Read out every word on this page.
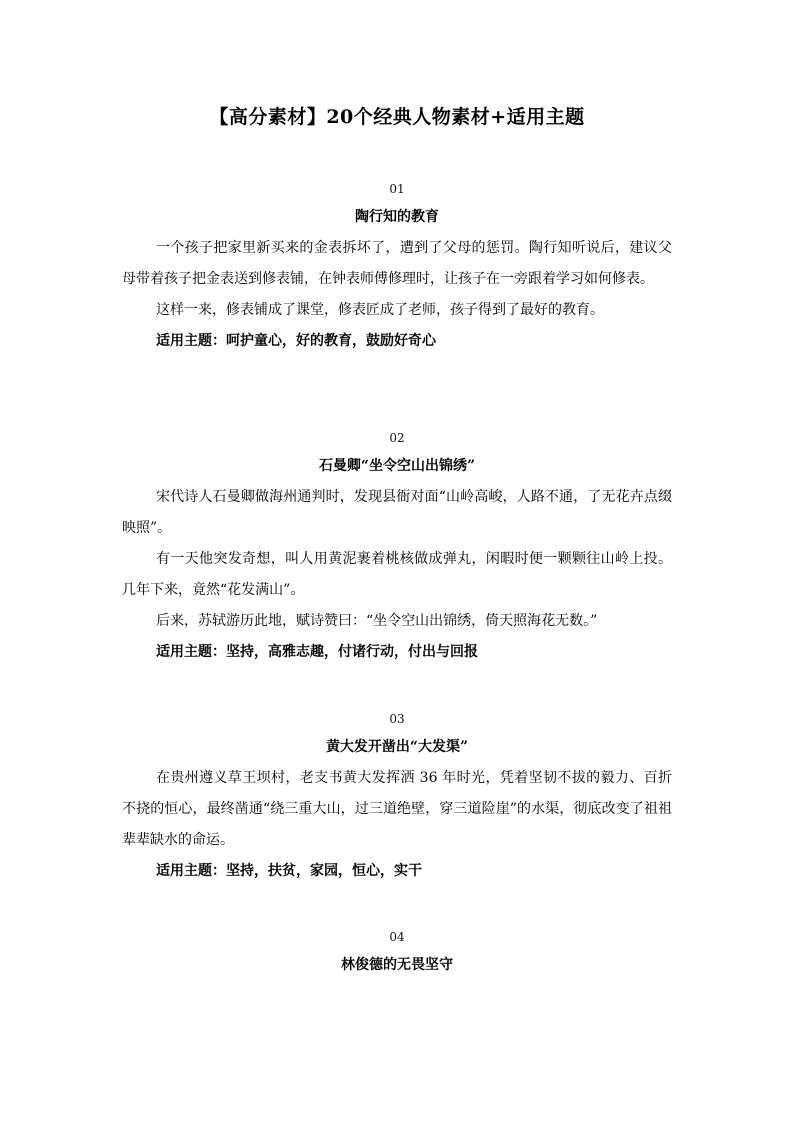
【高分素材】20个经典人物素材+适用主题
01
陶行知的教育

一个孩子把家里新买来的金表拆坏了，遭到了父母的惩罚。陶行知听说后，建议父母带着孩子把金表送到修表铺，在钟表师傅修理时，让孩子在一旁跟着学习如何修表。

这样一来，修表铺成了课堂，修表匠成了老师，孩子得到了最好的教育。

适用主题：呵护童心，好的教育，鼓励好奇心

02
石曼卿“坐令空山出锦绣”

宋代诗人石曼卿做海州通判时，发现县衙对面“山岭高峻，人路不通，了无花卉点缀映照”。

有一天他突发奇想，叫人用黄泥裹着桃核做成弹丸，闲暇时便一颗颗往山岭上投。几年下来，竟然“花发满山”。

后来，苏轼游历此地，赋诗赞曰：“坐令空山出锦绣，倚天照海花无数。”

适用主题：坚持，高雅志趣，付诸行动，付出与回报

03
黄大发开凿出“大发渠”

在贵州遵义草王坝村，老支书黄大发挥洒 36 年时光，凭着坚韧不拔的毅力、百折不挠的恒心，最终凿通“绕三重大山，过三道绝壁，穿三道险崖”的水渠，彻底改变了祖祖辈辈缺水的命运。

适用主题：坚持，扶贫，家园，恒心，实干

04
林俊德的无畏坚守
